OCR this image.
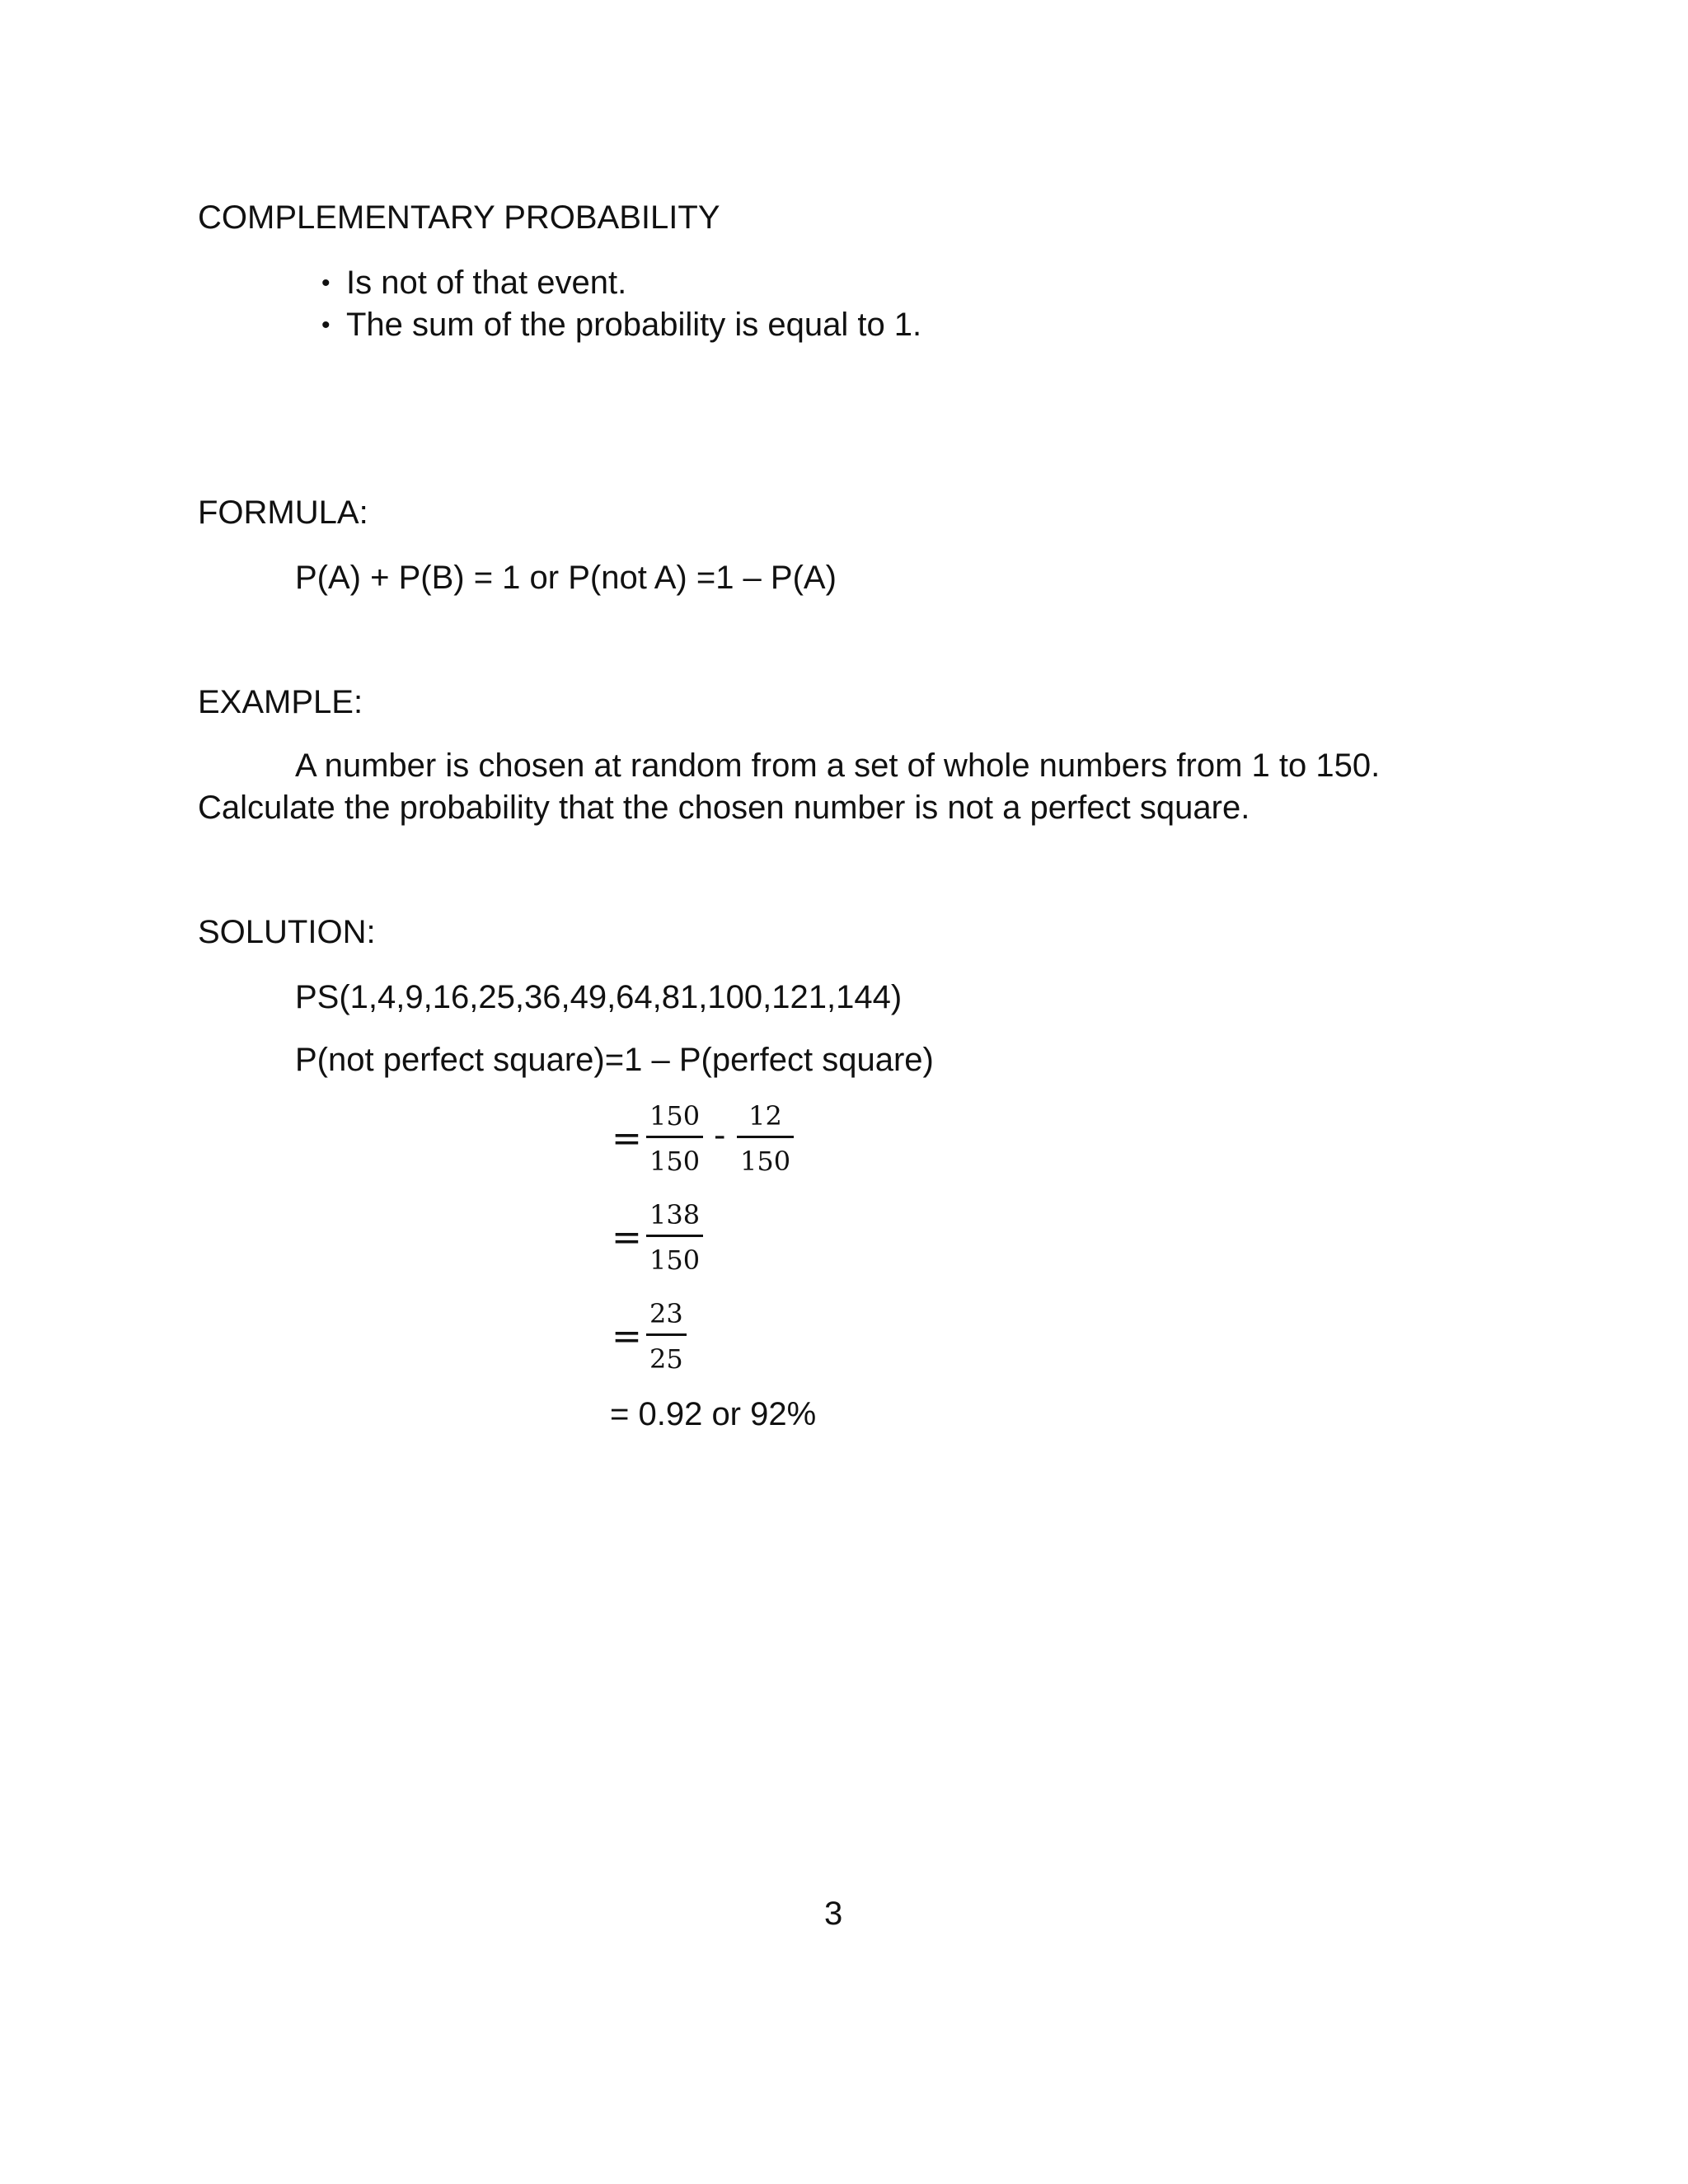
COMPLEMENTARY PROBABILITY
• Is not of that event.
• The sum of the probability is equal to 1.
FORMULA:
P(A) + P(B) = 1 or P(not A) =1 – P(A)
EXAMPLE:
A number is chosen at random from a set of whole numbers from 1 to 150.
Calculate the probability that the chosen number is not a perfect square.
SOLUTION:
PS(1,4,9,16,25,36,49,64,81,100,121,144)
P(not perfect square)=1 – P(perfect square)
=
150
150
-
12
150
=
138
150
=
23
25
= 0.92 or 92%
3
